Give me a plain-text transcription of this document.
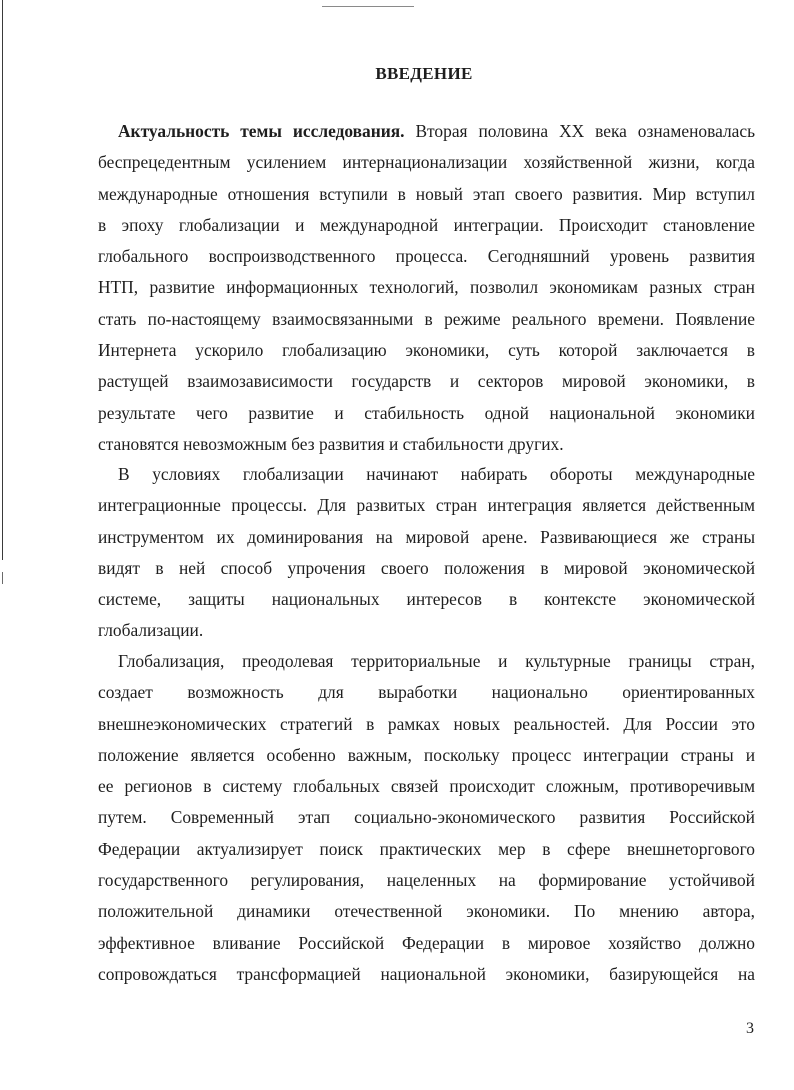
ВВЕДЕНИЕ

Актуальность темы исследования. Вторая половина XX века ознаменовалась
беспрецедентным усилением интернационализации хозяйственной жизни, когда
международные отношения вступили в новый этап своего развития. Мир вступил
в эпоху глобализации и международной интеграции. Происходит становление
глобального воспроизводственного процесса. Сегодняшний уровень развития
НТП, развитие информационных технологий, позволил экономикам разных стран
стать по-настоящему взаимосвязанными в режиме реального времени. Появление
Интернета ускорило глобализацию экономики, суть которой заключается в
растущей взаимозависимости государств и секторов мировой экономики, в
результате чего развитие и стабильность одной национальной экономики
становятся невозможным без развития и стабильности других.

В условиях глобализации начинают набирать обороты международные
интеграционные процессы. Для развитых стран интеграция является действенным
инструментом их доминирования на мировой арене. Развивающиеся же страны
видят в ней способ упрочения своего положения в мировой экономической
системе, защиты национальных интересов в контексте экономической
глобализации.

Глобализация, преодолевая территориальные и культурные границы стран,
создает возможность для выработки национально ориентированных
внешнеэкономических стратегий в рамках новых реальностей. Для России это
положение является особенно важным, поскольку процесс интеграции страны и
ее регионов в систему глобальных связей происходит сложным, противоречивым
путем. Современный этап социально-экономического развития Российской
Федерации актуализирует поиск практических мер в сфере внешнеторгового
государственного регулирования, нацеленных на формирование устойчивой
положительной динамики отечественной экономики. По мнению автора,
эффективное вливание Российской Федерации в мировое хозяйство должно
сопровождаться трансформацией национальной экономики, базирующейся на

3
